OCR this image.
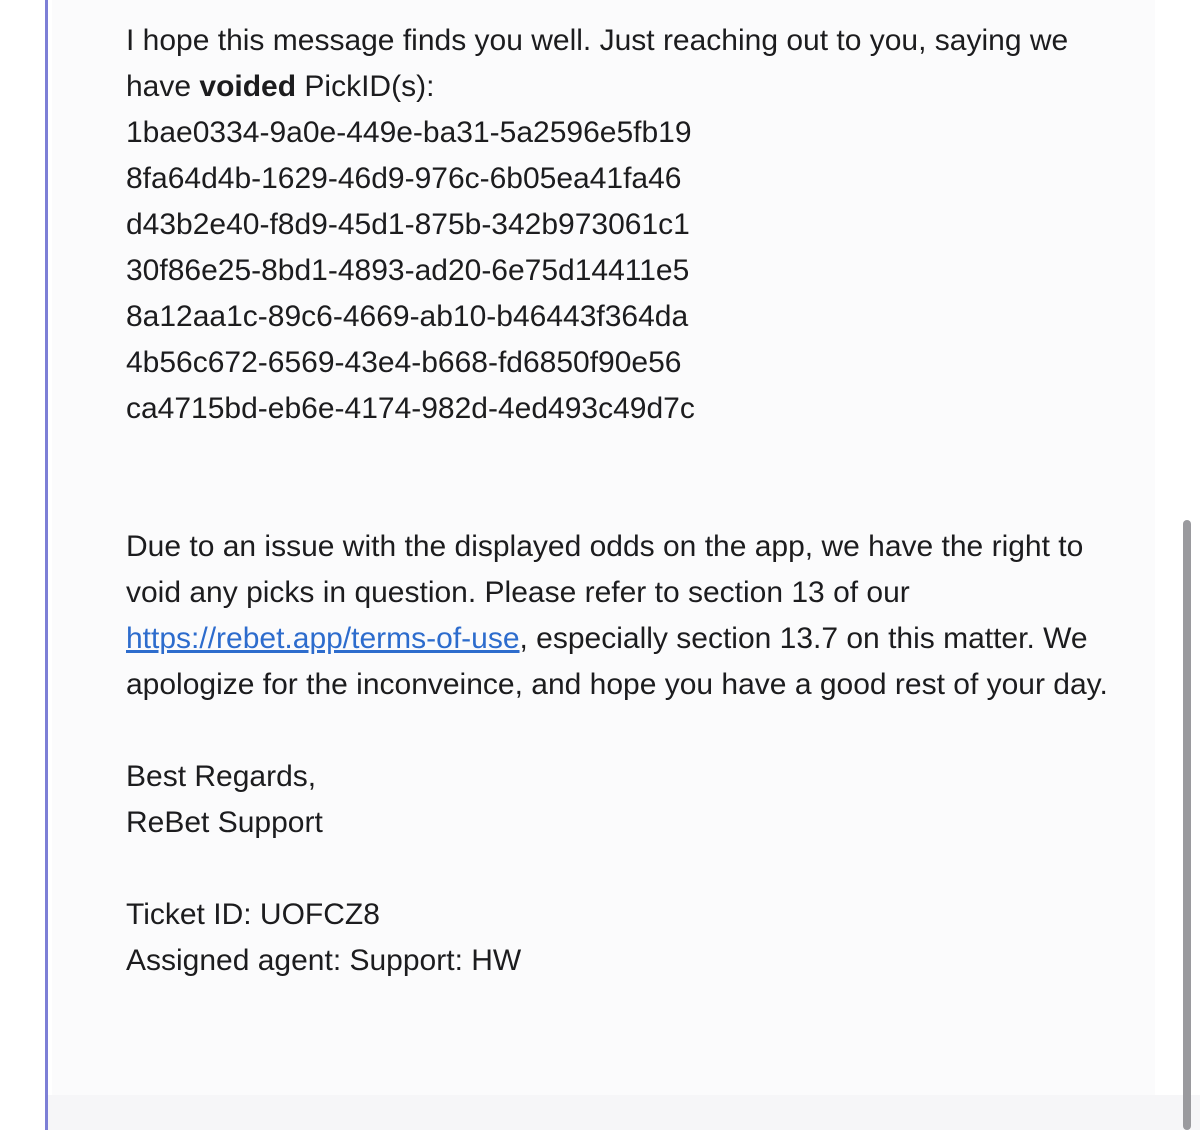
I hope this message finds you well. Just reaching out to you, saying we have voided PickID(s):

1bae0334-9a0e-449e-ba31-5a2596e5fb19

8fa64d4b-1629-46d9-976c-6b05ea41fa46

d43b2e40-f8d9-45d1-875b-342b973061c1

30f86e25-8bd1-4893-ad20-6e75d14411e5

8a12aa1c-89c6-4669-ab10-b46443f364da

4b56c672-6569-43e4-b668-fd6850f90e56

ca4715bd-eb6e-4174-982d-4ed493c49d7c

Due to an issue with the displayed odds on the app, we have the right to void any picks in question. Please refer to section 13 of our https://rebet.app/terms-of-use, especially section 13.7 on this matter. We apologize for the inconveince, and hope you have a good rest of your day.

Best Regards,

ReBet Support

Ticket ID: UOFCZ8

Assigned agent: Support: HW
